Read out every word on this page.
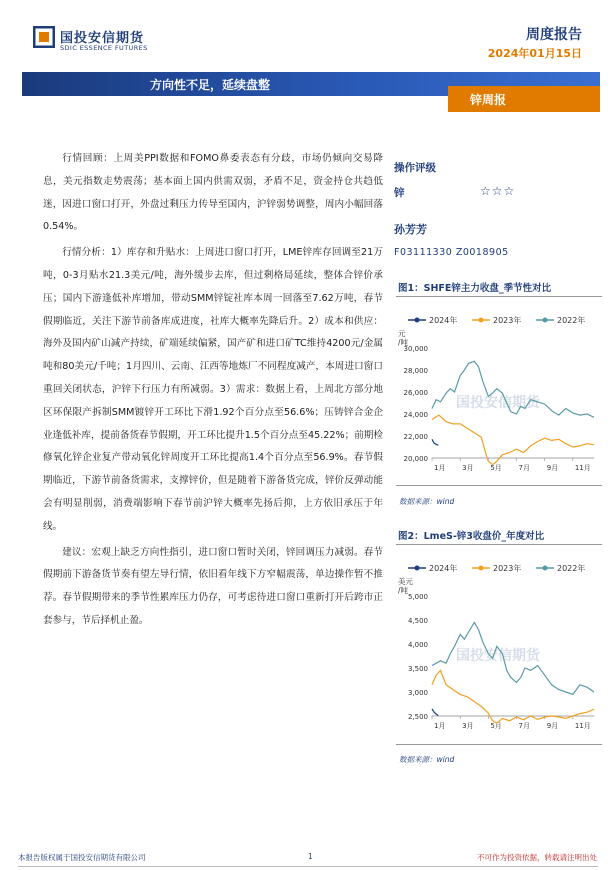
国投安信期货
SDIC ESSENCE FUTURES
周度报告
2024年01月15日
方向性不足，延续盘整
锌周报

行情回顾：上周美PPI数据和FOMO鼻委表态有分歧，市场仍倾向交易降息，美元指数走势震荡；基本面上国内供需双弱，矛盾不足，资金持仓共趋低迷，因进口窗口打开，外盘过剩压力传导至国内，沪锌弱势调整，周内小幅回落0.54%。

行情分析：1）库存和升贴水：上周进口窗口打开，LME锌库存回调至21万吨，0-3月贴水21.3美元/吨，海外缓步去库，但过剩格局延续，整体合锌价承压；国内下游逢低补库增加，带动SMM锌锭社库本周一回落至7.62万吨，春节假期临近，关注下游节前备库成进度，社库大概率先降后升。2）成本和供应：海外及国内矿山减产持续，矿端延续偏紧，国产矿和进口矿TC维持4200元/金属吨和80美元/千吨；1月四川、云南、江西等地炼厂不同程度减产，本周进口窗口重回关闭状态，沪锌下行压力有所减弱。3）需求：数据上看，上周北方部分地区环保限产拆制SMM镀锌开工环比下滑1.92个百分点至56.6%；压铸锌合金企业逢低补库，提前备货春节假期，开工环比提升1.5个百分点至45.22%；前期检修氧化锌企业复产带动氧化锌周度开工环比提高1.4个百分点至56.9%。春节假期临近，下游节前备货需求，支撑锌价，但是随着下游备货完成，锌价反弹动能会有明显削弱，消费端影响下春节前沪锌大概率先扬后抑，上方依旧承压于年线。

建议：宏观上缺乏方向性指引，进口窗口暂时关闭，锌回调压力减弱。春节假期前下游备货节奏有望左导行情，依旧看年线下方窄幅震荡，单边操作暂不推荐。春节假期带来的季节性累库压力仍存，可考虑待进口窗口重新打开后跨市正套参与，节后择机止盈。

操作评级
锌	☆☆☆
孙芳芳
F03111330 Z0018905
图1：SHFE锌主力收盘_季节性对比
2024年	2023年	2022年
元
/吨
国投安信期货
20,000
22,000
24,000
26,000
28,000
30,000
1月 3月 5月 7月 9月 11月
数据来源：wind
图2：LmeS-锌3收盘价_年度对比
2024年	2023年	2022年
美元
/吨
国投安信期货
2,500
3,000
3,500
4,000
4,500
5,000
1月 3月 5月 7月 9月 11月
数据来源：wind
本报告版权属于国投安信期货有限公司	1	不可作为投资依据，转载请注明出处
